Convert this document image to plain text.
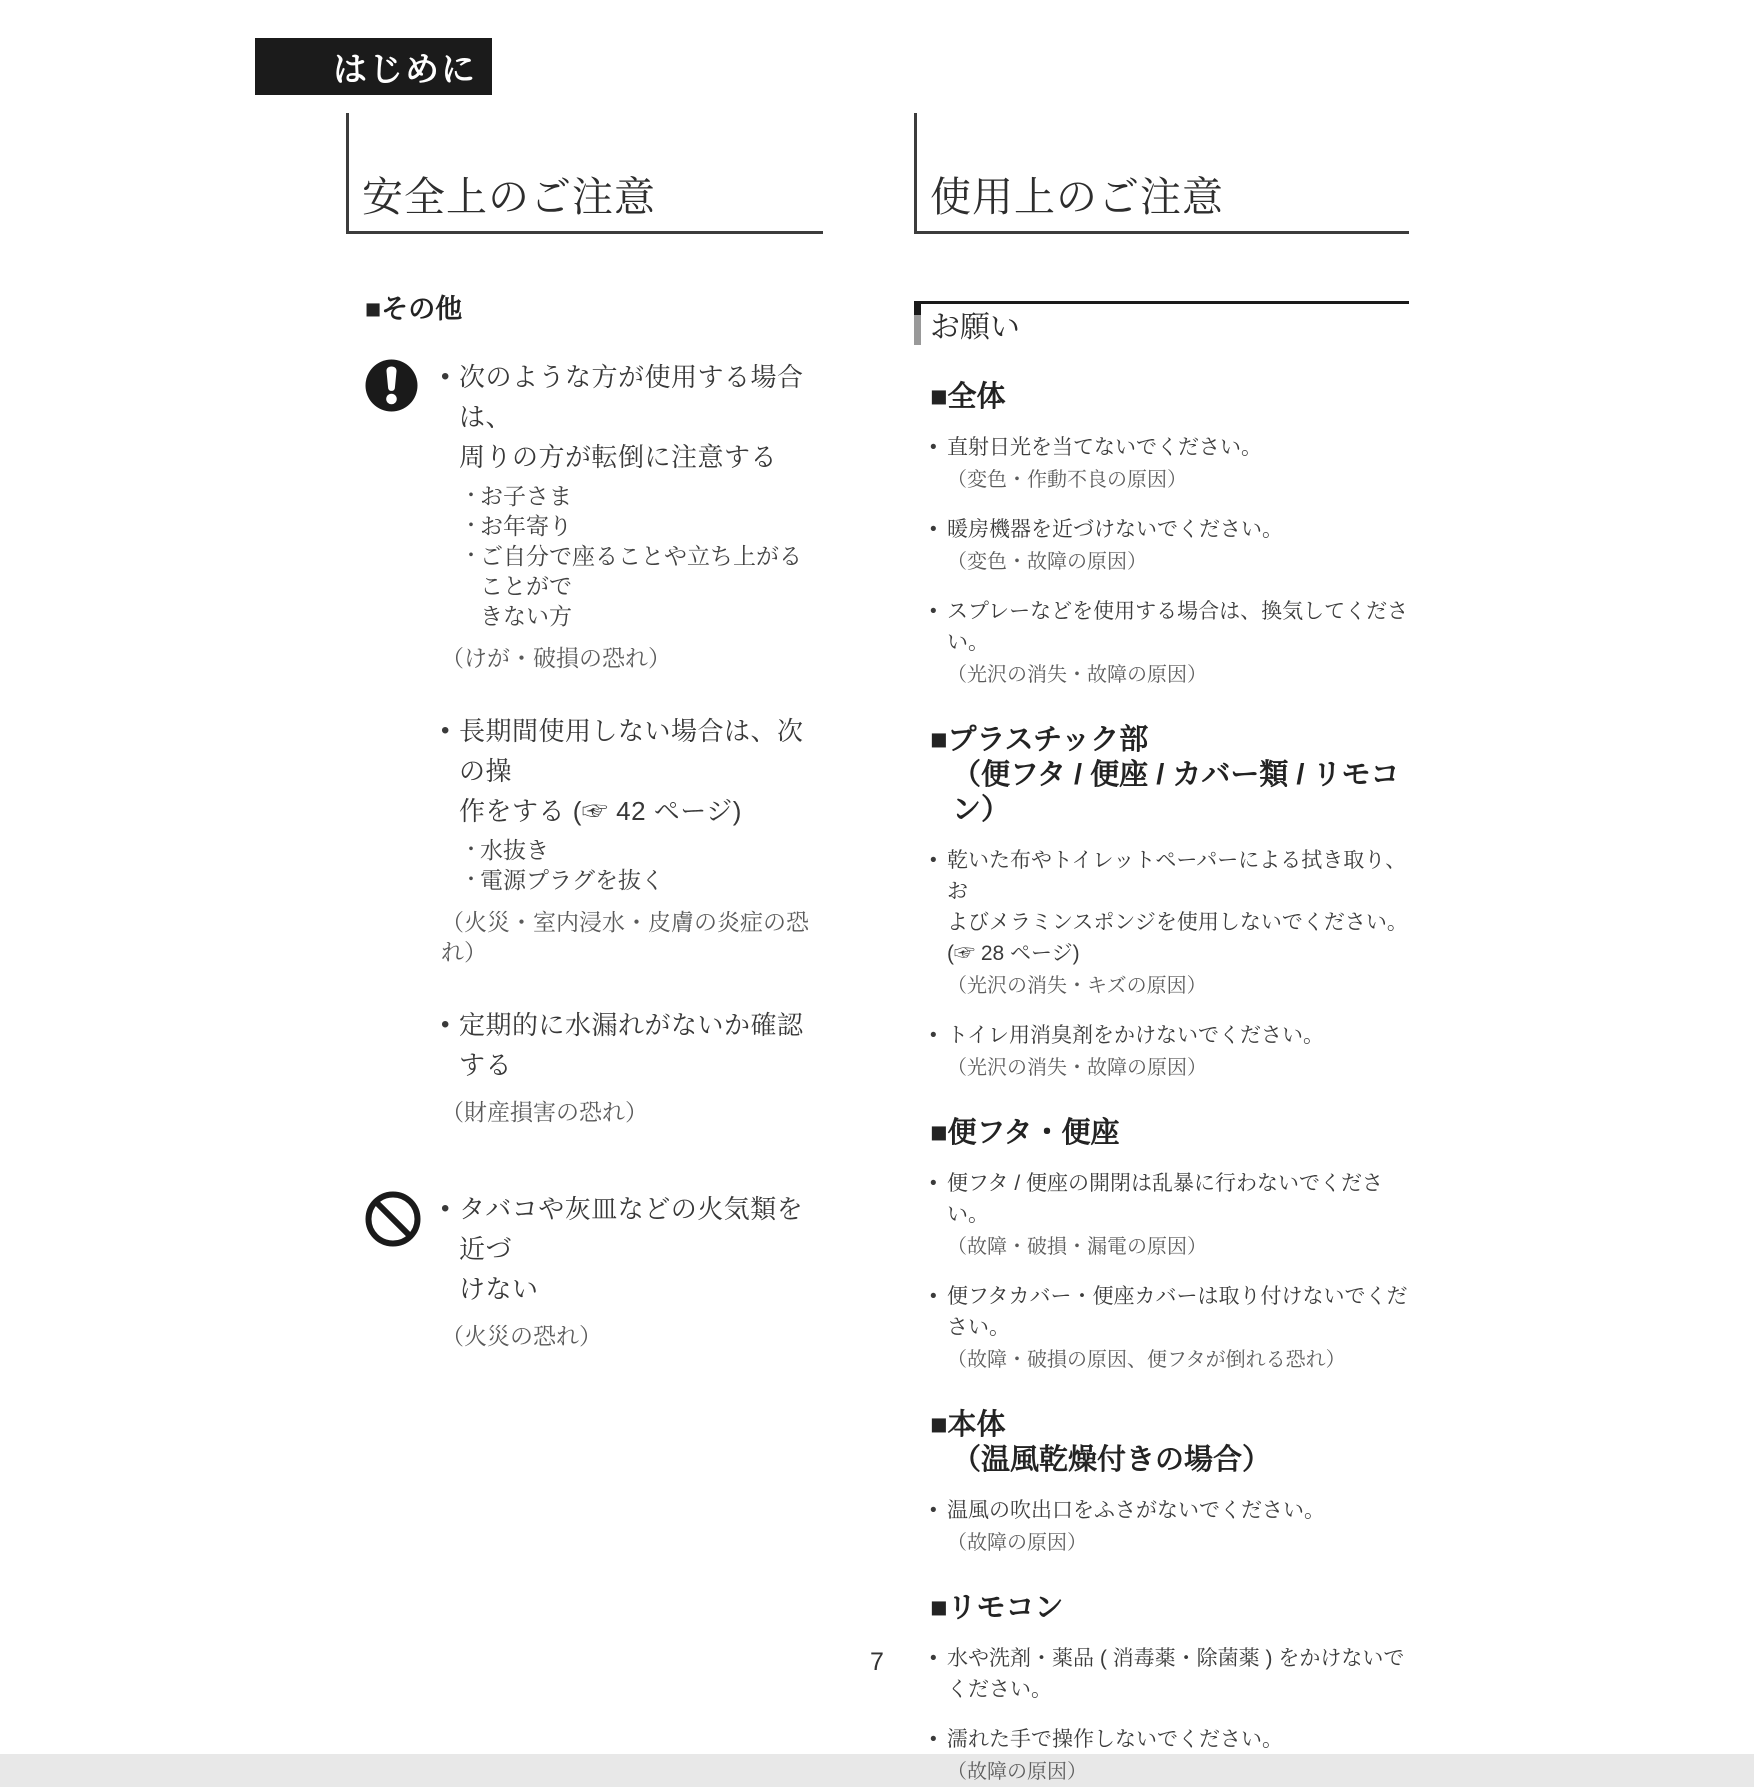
はじめに
安全上のご注意
■その他
• 次のような方が使用する場合は、
周りの方が転倒に注意する
・ お子さま
・ お年寄り
・ ご自分で座ることや立ち上がることがで
きない方
（けが・破損の恐れ）
• 長期間使用しない場合は、次の操
作をする (☞ 42 ページ)
・ 水抜き
・ 電源プラグを抜く
（火災・室内浸水・皮膚の炎症の恐れ）
• 定期的に水漏れがないか確認する
（財産損害の恐れ）
• タバコや灰皿などの火気類を近づ
けない
（火災の恐れ）
使用上のご注意
お願い
■全体
• 直射日光を当てないでください。
（変色・作動不良の原因）
• 暖房機器を近づけないでください。
（変色・故障の原因）
• スプレーなどを使用する場合は、換気してくださ
い。
（光沢の消失・故障の原因）
■プラスチック部
（便フタ / 便座 / カバー類 / リモコン）
• 乾いた布やトイレットペーパーによる拭き取り、お
よびメラミンスポンジを使用しないでください。
(☞ 28 ページ)
（光沢の消失・キズの原因）
• トイレ用消臭剤をかけないでください。
（光沢の消失・故障の原因）
■便フタ・便座
• 便フタ / 便座の開閉は乱暴に行わないでください。
（故障・破損・漏電の原因）
• 便フタカバー・便座カバーは取り付けないでくだ
さい。
（故障・破損の原因、便フタが倒れる恐れ）
■本体
（温風乾燥付きの場合）
• 温風の吹出口をふさがないでください。
（故障の原因）
■リモコン
• 水や洗剤・薬品 ( 消毒薬・除菌薬 ) をかけないで
ください。
• 濡れた手で操作しないでください。
（故障の原因）
7
